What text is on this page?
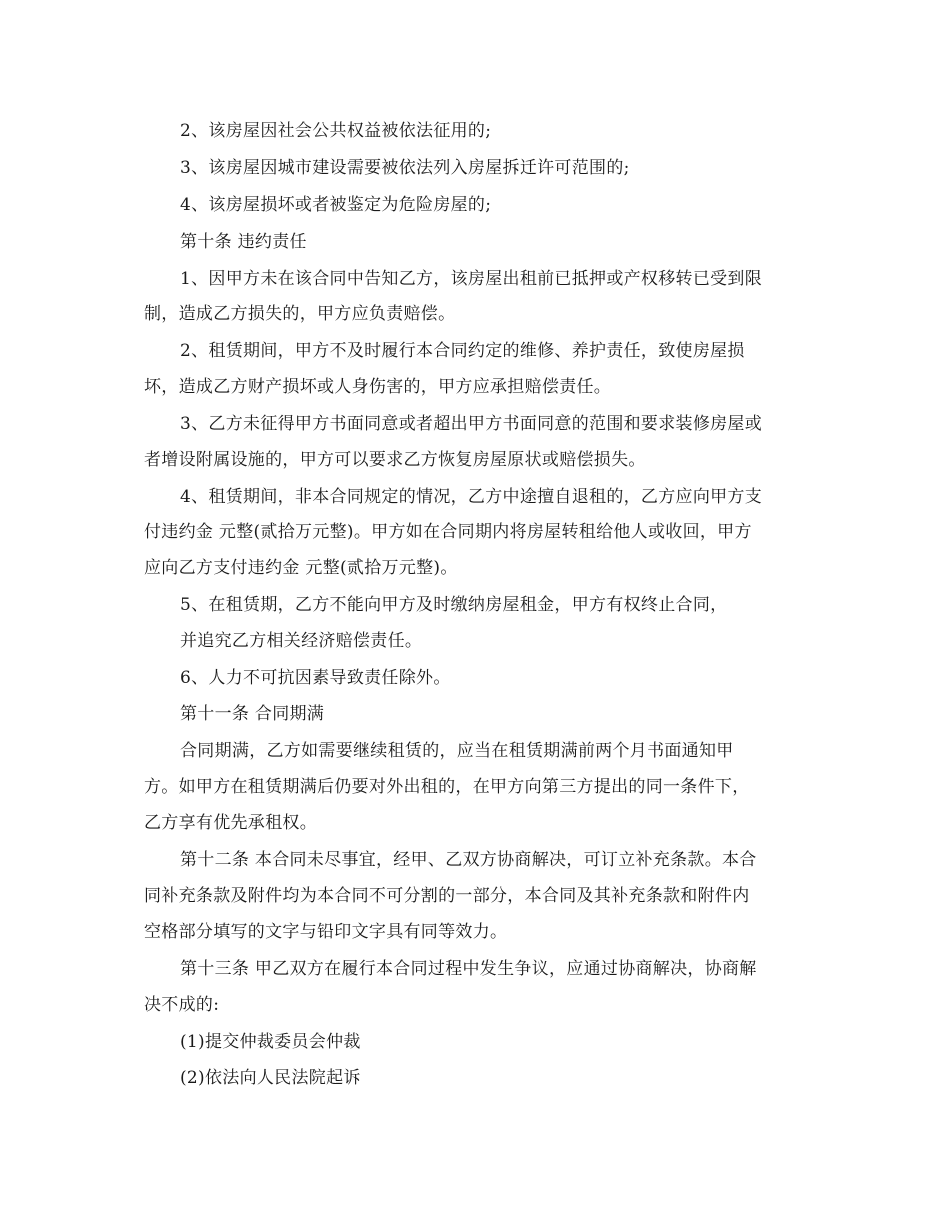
2、该房屋因社会公共权益被依法征用的;
3、该房屋因城市建设需要被依法列入房屋拆迁许可范围的;
4、该房屋损坏或者被鉴定为危险房屋的;
第十条 违约责任
1、因甲方未在该合同中告知乙方，该房屋出租前已抵押或产权移转已受到限
制，造成乙方损失的，甲方应负责赔偿。
2、租赁期间，甲方不及时履行本合同约定的维修、养护责任，致使房屋损
坏，造成乙方财产损坏或人身伤害的，甲方应承担赔偿责任。
3、乙方未征得甲方书面同意或者超出甲方书面同意的范围和要求装修房屋或
者增设附属设施的，甲方可以要求乙方恢复房屋原状或赔偿损失。
4、租赁期间，非本合同规定的情况，乙方中途擅自退租的，乙方应向甲方支
付违约金 元整(贰拾万元整)。甲方如在合同期内将房屋转租给他人或收回，甲方
应向乙方支付违约金 元整(贰拾万元整)。
5、在租赁期，乙方不能向甲方及时缴纳房屋租金，甲方有权终止合同，
并追究乙方相关经济赔偿责任。
6、人力不可抗因素导致责任除外。
第十一条 合同期满
合同期满，乙方如需要继续租赁的，应当在租赁期满前两个月书面通知甲
方。如甲方在租赁期满后仍要对外出租的，在甲方向第三方提出的同一条件下，
乙方享有优先承租权。
第十二条 本合同未尽事宜，经甲、乙双方协商解决，可订立补充条款。本合
同补充条款及附件均为本合同不可分割的一部分，本合同及其补充条款和附件内
空格部分填写的文字与铅印文字具有同等效力。
第十三条 甲乙双方在履行本合同过程中发生争议，应通过协商解决，协商解
决不成的:
(1)提交仲裁委员会仲裁
(2)依法向人民法院起诉
